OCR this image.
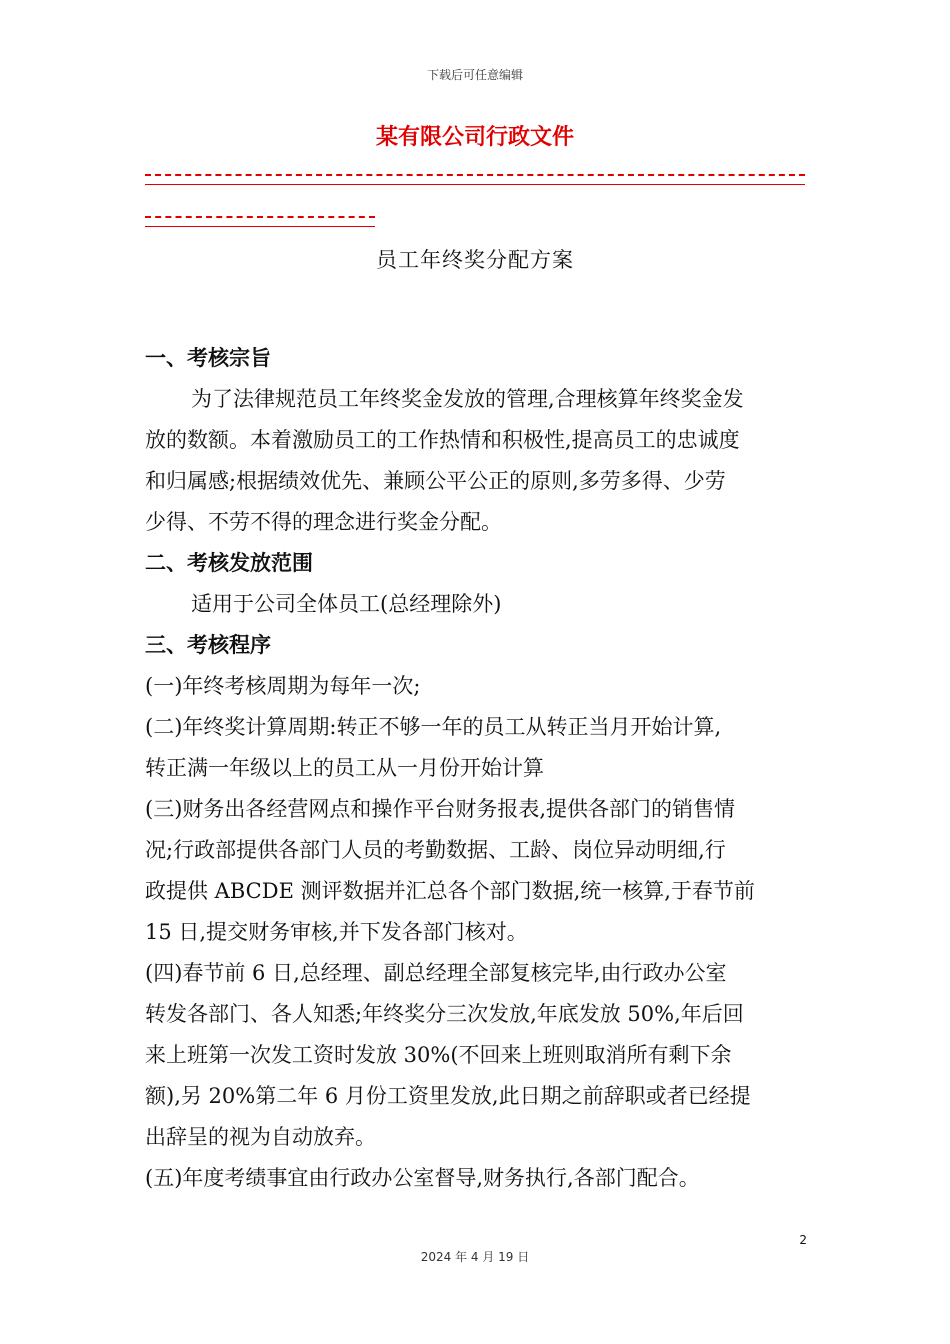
下载后可任意编辑
某有限公司行政文件
员工年终奖分配方案
一、考核宗旨
为了法律规范员工年终奖金发放的管理,合理核算年终奖金发
放的数额。本着激励员工的工作热情和积极性,提高员工的忠诚度
和归属感;根据绩效优先、兼顾公平公正的原则,多劳多得、少劳
少得、不劳不得的理念进行奖金分配。
二、考核发放范围
适用于公司全体员工(总经理除外)
三、考核程序
(一)年终考核周期为每年一次;
(二)年终奖计算周期:转正不够一年的员工从转正当月开始计算,
转正满一年级以上的员工从一月份开始计算
(三)财务出各经营网点和操作平台财务报表,提供各部门的销售情
况;行政部提供各部门人员的考勤数据、工龄、岗位异动明细,行
政提供 ABCDE 测评数据并汇总各个部门数据,统一核算,于春节前
15 日,提交财务审核,并下发各部门核对。
(四)春节前 6 日,总经理、副总经理全部复核完毕,由行政办公室
转发各部门、各人知悉;年终奖分三次发放,年底发放 50%,年后回
来上班第一次发工资时发放 30%(不回来上班则取消所有剩下余
额),另 20%第二年 6 月份工资里发放,此日期之前辞职或者已经提
出辞呈的视为自动放弃。
(五)年度考绩事宜由行政办公室督导,财务执行,各部门配合。
2
2024 年 4 月 19 日
